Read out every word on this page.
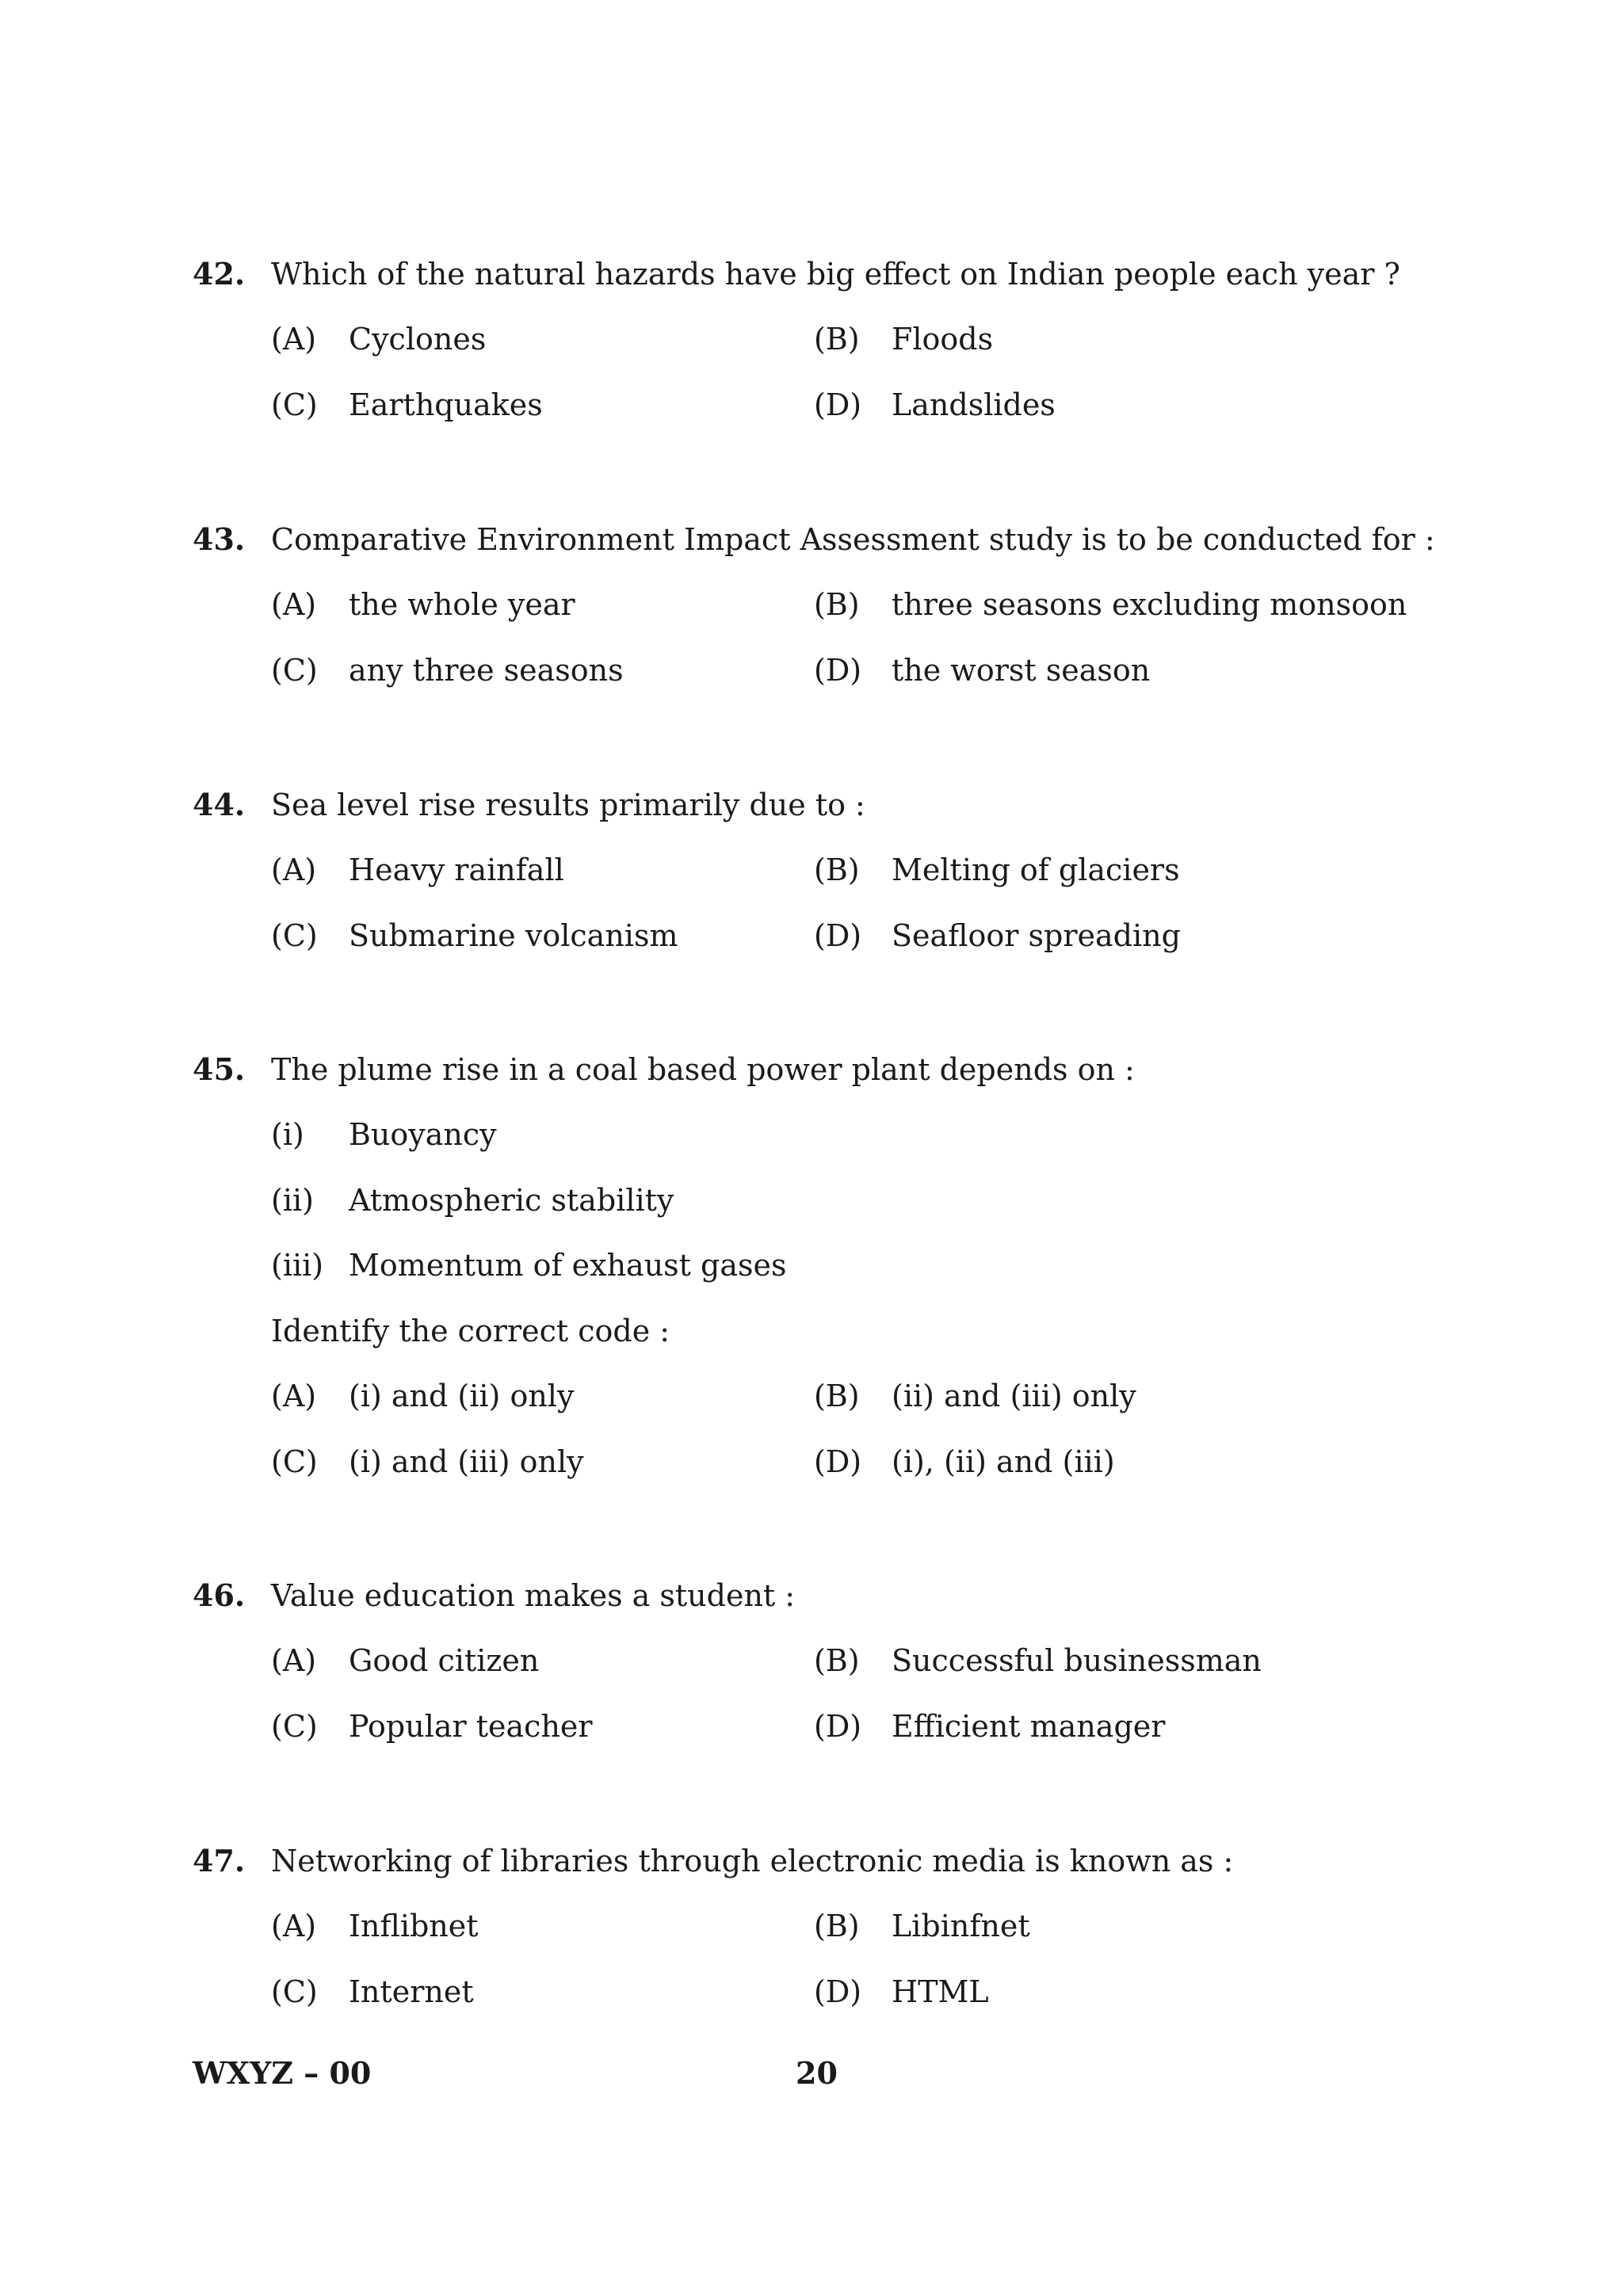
42. Which of the natural hazards have big effect on Indian people each year ?
(A) Cyclones	(B) Floods
(C) Earthquakes	(D) Landslides
43. Comparative Environment Impact Assessment study is to be conducted for :
(A) the whole year	(B) three seasons excluding monsoon
(C) any three seasons	(D) the worst season
44. Sea level rise results primarily due to :
(A) Heavy rainfall	(B) Melting of glaciers
(C) Submarine volcanism	(D) Seafloor spreading
45. The plume rise in a coal based power plant depends on :
(i) Buoyancy
(ii) Atmospheric stability
(iii) Momentum of exhaust gases
Identify the correct code :
(A) (i) and (ii) only	(B) (ii) and (iii) only
(C) (i) and (iii) only	(D) (i), (ii) and (iii)
46. Value education makes a student :
(A) Good citizen	(B) Successful businessman
(C) Popular teacher	(D) Efficient manager
47. Networking of libraries through electronic media is known as :
(A) Inflibnet	(B) Libinfnet
(C) Internet	(D) HTML
WXYZ – 00	20
